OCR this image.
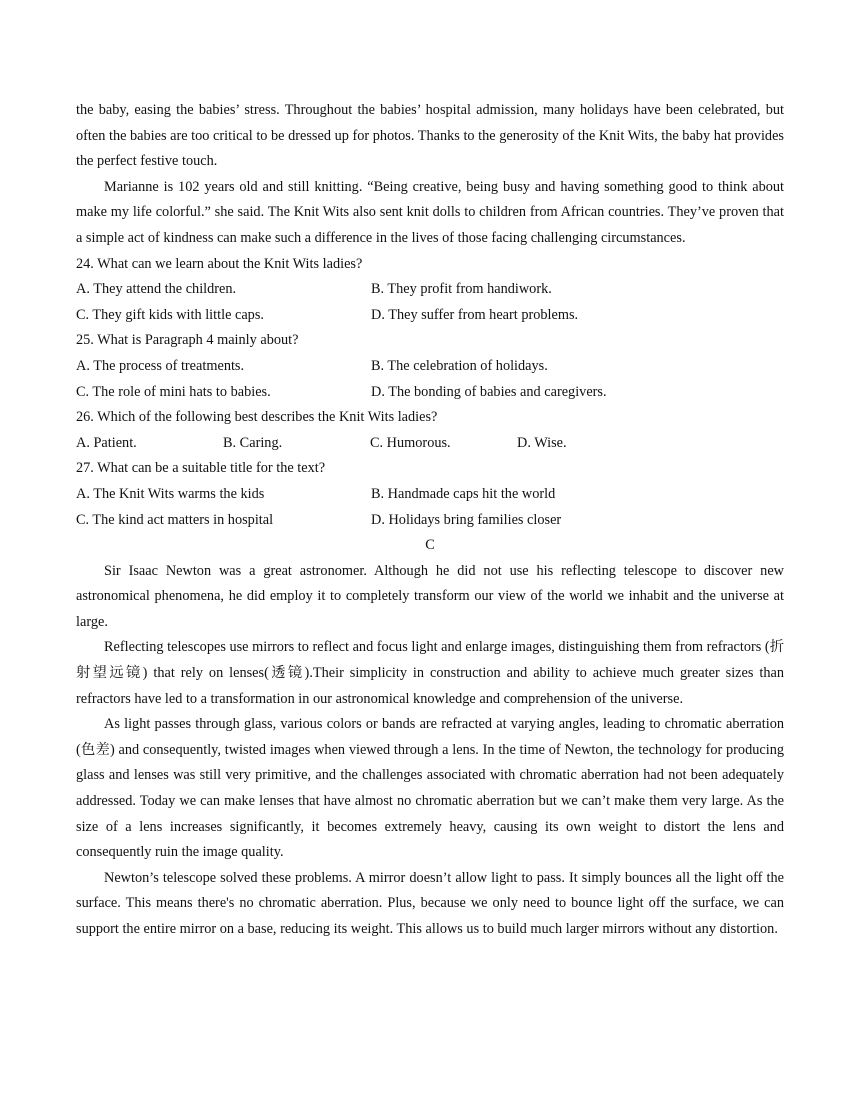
the baby, easing the babies’ stress. Throughout the babies’ hospital admission, many holidays have been celebrated, but often the babies are too critical to be dressed up for photos. Thanks to the generosity of the Knit Wits, the baby hat provides the perfect festive touch.

Marianne is 102 years old and still knitting. “Being creative, being busy and having something good to think about make my life colorful.” she said. The Knit Wits also sent knit dolls to children from African countries. They’ve proven that a simple act of kindness can make such a difference in the lives of those facing challenging circumstances.

24. What can we learn about the Knit Wits ladies?
A. They attend the children.	B. They profit from handiwork.
C. They gift kids with little caps.	D. They suffer from heart problems.
25. What is Paragraph 4 mainly about?
A. The process of treatments.	B. The celebration of holidays.
C. The role of mini hats to babies.	D. The bonding of babies and caregivers.
26. Which of the following best describes the Knit Wits ladies?
A. Patient.	B. Caring.	C. Humorous.	D. Wise.
27. What can be a suitable title for the text?
A. The Knit Wits warms the kids	B. Handmade caps hit the world
C. The kind act matters in hospital	D. Holidays bring families closer
C

Sir Isaac Newton was a great astronomer. Although he did not use his reflecting telescope to discover new astronomical phenomena, he did employ it to completely transform our view of the world we inhabit and the universe at large.

Reflecting telescopes use mirrors to reflect and focus light and enlarge images, distinguishing them from refractors (折射望远镜) that rely on lenses(透镜).Their simplicity in construction and ability to achieve much greater sizes than refractors have led to a transformation in our astronomical knowledge and comprehension of the universe.

As light passes through glass, various colors or bands are refracted at varying angles, leading to chromatic aberration (色差) and consequently, twisted images when viewed through a lens. In the time of Newton, the technology for producing glass and lenses was still very primitive, and the challenges associated with chromatic aberration had not been adequately addressed. Today we can make lenses that have almost no chromatic aberration but we can’t make them very large. As the size of a lens increases significantly, it becomes extremely heavy, causing its own weight to distort the lens and consequently ruin the image quality.

Newton’s telescope solved these problems. A mirror doesn’t allow light to pass. It simply bounces all the light off the surface. This means there's no chromatic aberration. Plus, because we only need to bounce light off the surface, we can support the entire mirror on a base, reducing its weight. This allows us to build much larger mirrors without any distortion.
